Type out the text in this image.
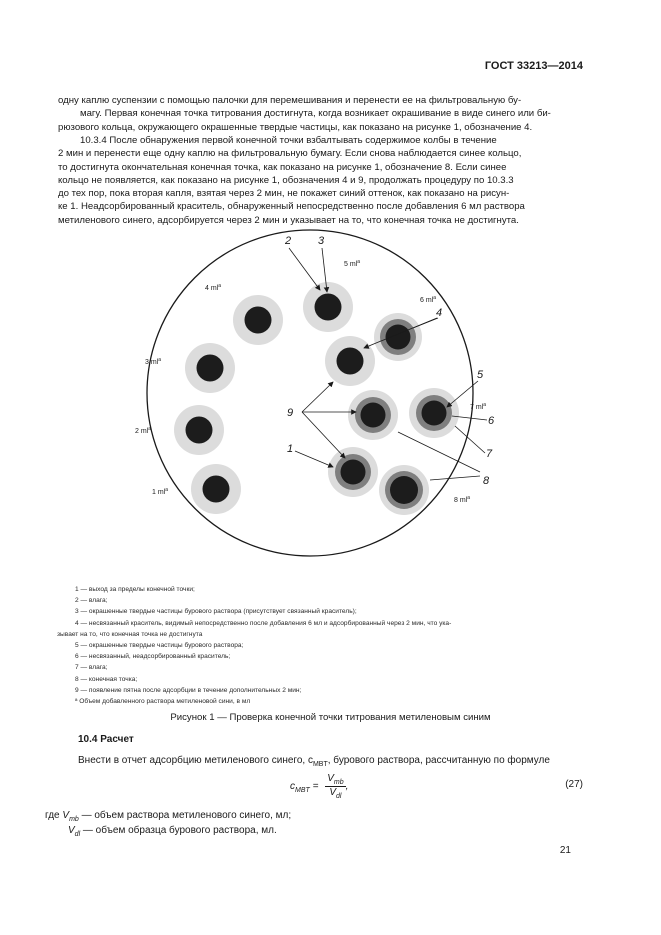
ГОСТ 33213—2014
одну каплю суспензии с помощью палочки для перемешивания и перенести ее на фильтровальную бу-
магу. Первая конечная точка титрования достигнута, когда возникает окрашивание в виде синего или би-
рюзового кольца, окружающего окрашенные твердые частицы, как показано на рисунке 1, обозначение 4.
10.3.4 После обнаружения первой конечной точки взбалтывать содержимое колбы в течение
2 мин и перенести еще одну каплю на фильтровальную бумагу. Если снова наблюдается синее кольцо,
то достигнута окончательная конечная точка, как показано на рисунке 1, обозначение 8. Если синее
кольцо не появляется, как показано на рисунке 1, обозначения 4 и 9, продолжать процедуру по 10.3.3
до тех пор, пока вторая капля, взятая через 2 мин, не покажет синий оттенок, как показано на рисун-
ке 1. Неадсорбированный краситель, обнаруженный непосредственно после добавления 6 мл раствора
метиленового синего, адсорбируется через 2 мин и указывает на то, что конечная точка не достигнута.
1 $ml^a$
2 $ml^a$
3 $ml^a$
4 $ml^a$
5 $ml^a$
6 $ml^a$
7 $ml^a$
8 $ml^a$
2 3
4
5
6
7
8
9
1
1 — выход за пределы конечной точки;
2 — влага;
3 — окрашенные твердые частицы бурового раствора (присутствует связанный краситель);
4 — несвязанный краситель, видимый непосредственно после добавления 6 мл и адсорбированный через 2 мин, что ука-
зывает на то, что конечная точка не достигнута
5 — окрашенные твердые частицы бурового раствора;
6 — несвязанный, неадсорбированный краситель;
7 — влага;
8 — конечная точка;
9 — появление пятна после адсорбции в течение дополнительных 2 мин;
ª Объем добавленного раствора метиленовой сини, в мл
Рисунок 1 — Проверка конечной точки титрования метиленовым синим
10.4 Расчет
Внести в отчет адсорбцию метиленового синего, $c_{MBT}$, бурового раствора, рассчитанную по формуле
$c_{MBT} = \frac{V_{mb}}{V_{dl}}$ ,	(27)
где $V_{mb}$ — объем раствора метиленового синего, мл;
$V_{dl}$ — объем образца бурового раствора, мл.
21
